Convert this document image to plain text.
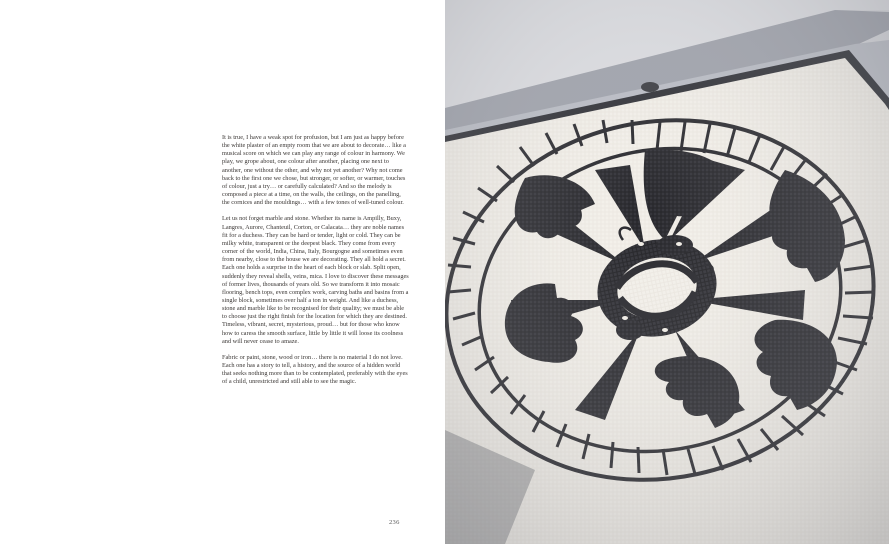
It is true, I have a weak spot for profusion, but I am just as happy before the white plaster of an empty room that we are about to decorate… like a musical score on which we can play any range of colour in harmony. We play, we grope about, one colour after another, placing one next to another, one without the other, and why not yet another? Why not come back to the first one we chose, but stronger, or softer, or warmer, touches of colour, just a try… or carefully calculated? And so the melody is composed a piece at a time, on the walls, the ceilings, on the panelling, the cornices and the mouldings… with a few tones of well-tuned colour.

Let us not forget marble and stone. Whether its name is Ampilly, Buxy, Langres, Aurore, Chanteuil, Corton, or Calacata… they are noble names fit for a duchess. They can be hard or tender, light or cold. They can be milky white, transparent or the deepest black. They come from every corner of the world, India, China, Italy, Bourgogne and sometimes even from nearby, close to the house we are decorating. They all hold a secret. Each one holds a surprise in the heart of each block or slab. Split open, suddenly they reveal shells, veins, mica. I love to discover these messages of former lives, thousands of years old. So we transform it into mosaic flooring, bench tops, even complex work, carving baths and basins from a single block, sometimes over half a ton in weight. And like a duchess, stone and marble like to be recognised for their quality; we must be able to choose just the right finish for the location for which they are destined. Timeless, vibrant, secret, mysterious, proud… but for those who know how to caress the smooth surface, little by little it will loose its coolness and will never cease to amaze.

Fabric or paint, stone, wood or iron… there is no material I do not love. Each one has a story to tell, a history, and the source of a hidden world that seeks nothing more than to be contemplated, preferably with the eyes of a child, unrestricted and still able to see the magic.

236
